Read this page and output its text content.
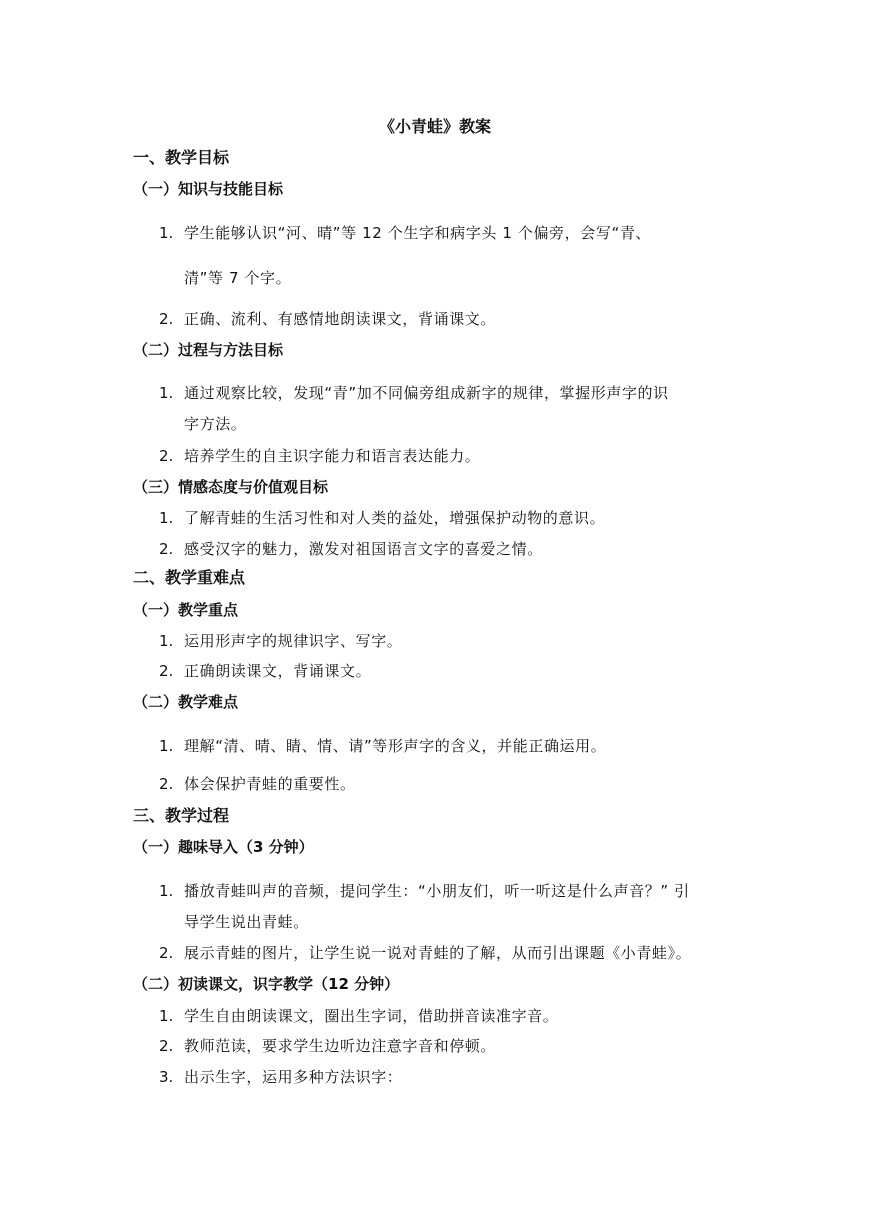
《小青蛙》教案
一、教学目标
（一）知识与技能目标
1. 学生能够认识“河、晴”等 12 个生字和病字头 1 个偏旁，会写“青、
清”等 7 个字。
2. 正确、流利、有感情地朗读课文，背诵课文。
（二）过程与方法目标
1. 通过观察比较，发现“青”加不同偏旁组成新字的规律，掌握形声字的识
字方法。
2. 培养学生的自主识字能力和语言表达能力。
（三）情感态度与价值观目标
1. 了解青蛙的生活习性和对人类的益处，增强保护动物的意识。
2. 感受汉字的魅力，激发对祖国语言文字的喜爱之情。
二、教学重难点
（一）教学重点
1. 运用形声字的规律识字、写字。
2. 正确朗读课文，背诵课文。
（二）教学难点
1. 理解“清、晴、睛、情、请”等形声字的含义，并能正确运用。
2. 体会保护青蛙的重要性。
三、教学过程
（一）趣味导入（3 分钟）
1. 播放青蛙叫声的音频，提问学生：“小朋友们，听一听这是什么声音？” 引
导学生说出青蛙。
2. 展示青蛙的图片，让学生说一说对青蛙的了解，从而引出课题《小青蛙》。
（二）初读课文，识字教学（12 分钟）
1. 学生自由朗读课文，圈出生字词，借助拼音读准字音。
2. 教师范读，要求学生边听边注意字音和停顿。
3. 出示生字，运用多种方法识字：
